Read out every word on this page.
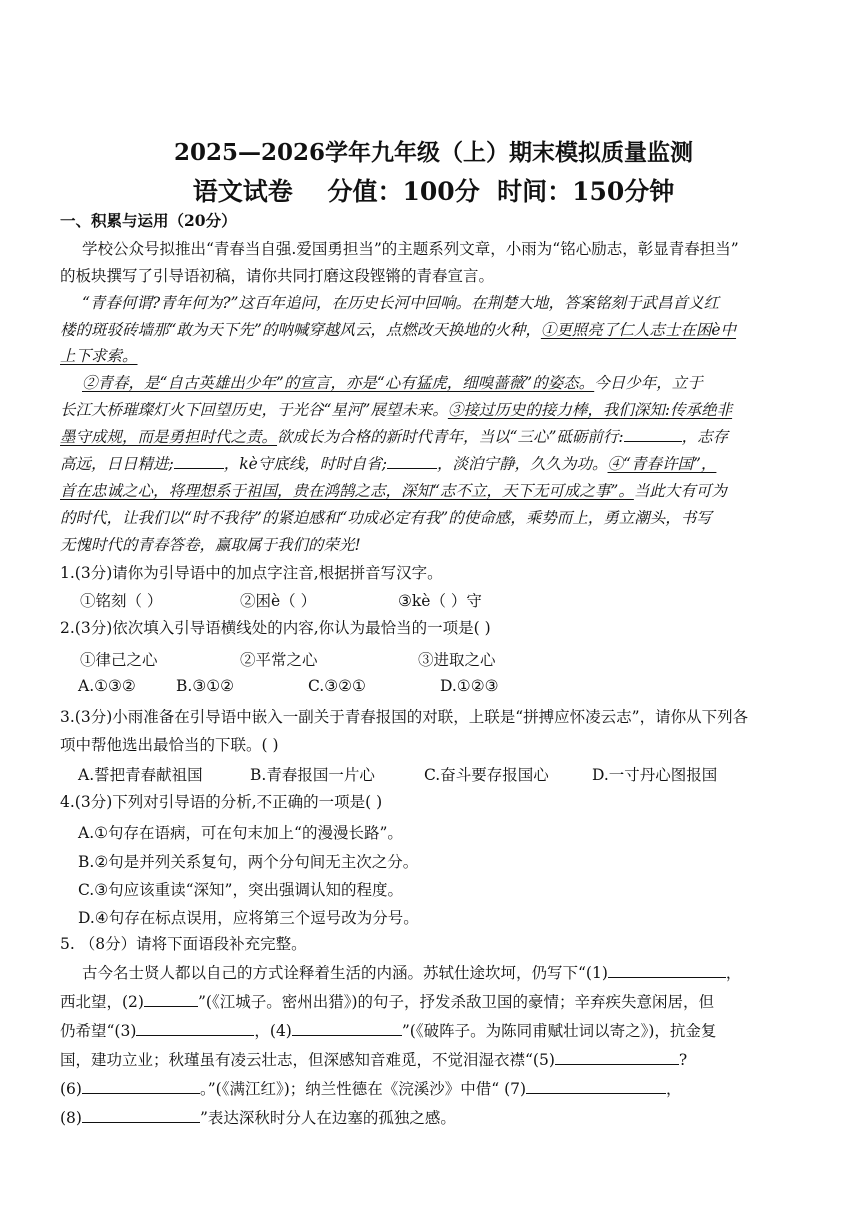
2025—2026学年九年级（上）期末模拟质量监测
语文试卷    分值：100分  时间：150分钟
一、积累与运用（20分）
学校公众号拟推出“青春当自强.爱国勇担当”的主题系列文章，小雨为“铭心励志，彰显青春担当”
的板块撰写了引导语初稿，请你共同打磨这段铿锵的青春宣言。
“青春何谓?青年何为?”这百年追问，在历史长河中回响。在荆楚大地，答案铭刻于武昌首义红
楼的斑驳砖墙那“敢为天下先”的呐喊穿越风云，点燃改天换地的火种，①更照亮了仁人志士在困è中
上下求索。
②青春，是“自古英雄出少年”的宣言，亦是“心有猛虎，细嗅蔷薇”的姿态。今日少年，立于
长江大桥璀璨灯火下回望历史，于光谷“星河”展望未来。③接过历史的接力棒，我们深知:传承绝非
墨守成规，而是勇担时代之责。欲成长为合格的新时代青年，当以“三心”砥砺前行:	，志存
高远，日日精进;	，kè守底线，时时自省;	，淡泊宁静，久久为功。④“青春许国”，
首在忠诚之心，将理想系于祖国，贵在鸿鹄之志，深知“志不立，天下无可成之事”。当此大有可为
的时代，让我们以“时不我待”的紧迫感和“功成必定有我”的使命感，乘势而上，勇立潮头，书写
无愧时代的青春答卷，赢取属于我们的荣光!
1.(3分)请你为引导语中的加点字注音,根据拼音写汉字。
①铭刻（ ）	②困è（ ）	③kè（ ）守
2.(3分)依次填入引导语横线处的内容,你认为最恰当的一项是( )
①律己之心	②平常之心	③进取之心
A.①③②	B.③①②	C.③②①	D.①②③
3.(3分)小雨准备在引导语中嵌入一副关于青春报国的对联，上联是“拼搏应怀凌云志”，请你从下列各
项中帮他选出最恰当的下联。( )
A.誓把青春献祖国	B.青春报国一片心	C.奋斗要存报国心	D.一寸丹心图报国
4.(3分)下列对引导语的分析,不正确的一项是( )
A.①句存在语病，可在句末加上“的漫漫长路”。
B.②句是并列关系复句，两个分句间无主次之分。
C.③句应该重读“深知”，突出强调认知的程度。
D.④句存在标点误用，应将第三个逗号改为分号。
5. （8分）请将下面语段补充完整。
古今名士贤人都以自己的方式诠释着生活的内涵。苏轼仕途坎坷，仍写下“(1)	，
西北望，(2)	”(《江城子。密州出猎》)的句子，抒发杀敌卫国的豪情；辛弃疾失意闲居，但
仍希望“(3)	，(4)	”(《破阵子。为陈同甫赋壮词以寄之》)，抗金复
国，建功立业；秋瑾虽有凌云壮志，但深感知音难觅，不觉泪湿衣襟“(5)	?
(6)	。”(《满江红》)；纳兰性德在《浣溪沙》中借“ (7)	，
(8)	”表达深秋时分人在边塞的孤独之感。
